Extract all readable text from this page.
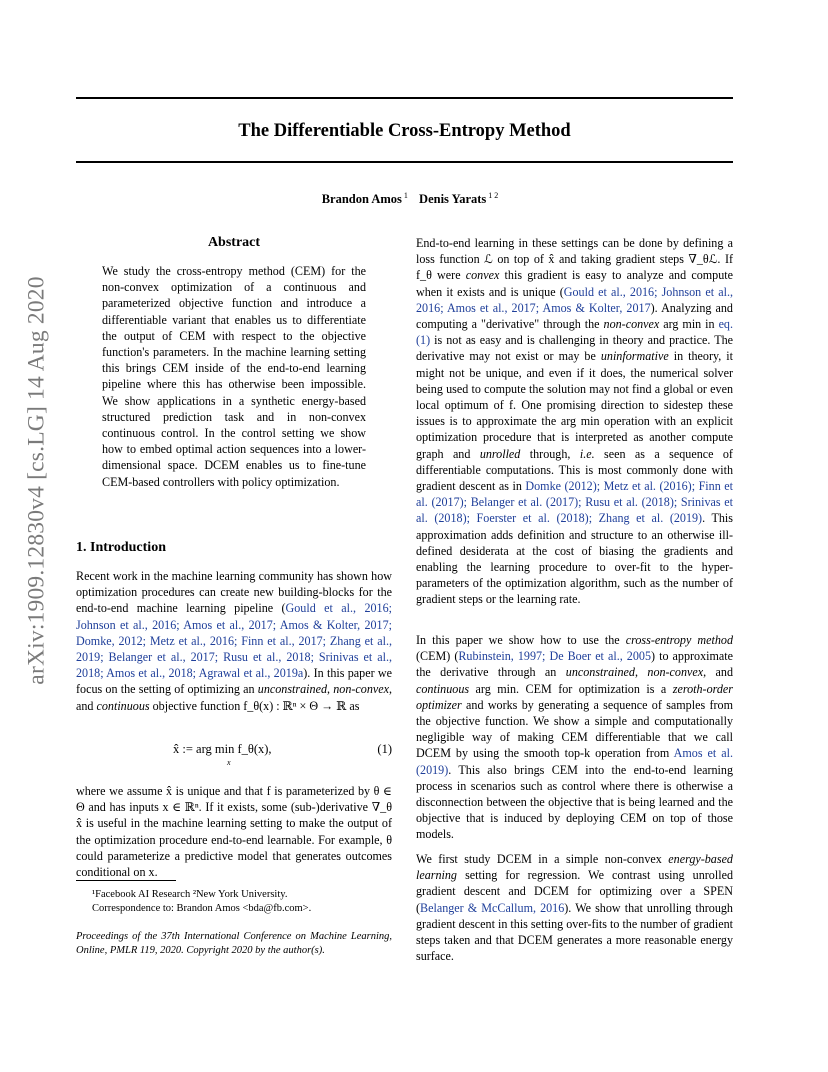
The Differentiable Cross-Entropy Method
Brandon Amos $^1$ Denis Yarats $^{1 2}$
arXiv:1909.12830v4 [cs.LG] 14 Aug 2020
Abstract
We study the cross-entropy method (CEM) for the non-convex optimization of a continuous and parameterized objective function and introduce a differentiable variant that enables us to differentiate the output of CEM with respect to the objective function's parameters. In the machine learning setting this brings CEM inside of the end-to-end learning pipeline where this has otherwise been impossible. We show applications in a synthetic energy-based structured prediction task and in non-convex continuous control. In the control setting we show how to embed optimal action sequences into a lower-dimensional space. DCEM enables us to fine-tune CEM-based controllers with policy optimization.
1. Introduction
Recent work in the machine learning community has shown how optimization procedures can create new building-blocks for the end-to-end machine learning pipeline (Gould et al., 2016; Johnson et al., 2016; Amos et al., 2017; Amos & Kolter, 2017; Domke, 2012; Metz et al., 2016; Finn et al., 2017; Zhang et al., 2019; Belanger et al., 2017; Rusu et al., 2018; Srinivas et al., 2018; Amos et al., 2018; Agrawal et al., 2019a). In this paper we focus on the setting of optimizing an unconstrained, non-convex, and continuous objective function f_θ(x) : ℝⁿ × Θ → ℝ as
x̂ := arg min f_θ(x),
x
(1)
where we assume x̂ is unique and that f is parameterized by θ ∈ Θ and has inputs x ∈ ℝⁿ. If it exists, some (sub-)derivative ∇_θ x̂ is useful in the machine learning setting to make the output of the optimization procedure end-to-end learnable. For example, θ could parameterize a predictive model that generates outcomes conditional on x.
¹Facebook AI Research ²New York University.
Correspondence to: Brandon Amos <bda@fb.com>.
Proceedings of the 37th International Conference on Machine Learning, Online, PMLR 119, 2020. Copyright 2020 by the author(s).
End-to-end learning in these settings can be done by defining a loss function ℒ on top of x̂ and taking gradient steps ∇_θℒ. If f_θ were convex this gradient is easy to analyze and compute when it exists and is unique (Gould et al., 2016; Johnson et al., 2016; Amos et al., 2017; Amos & Kolter, 2017). Analyzing and computing a "derivative" through the non-convex arg min in eq. (1) is not as easy and is challenging in theory and practice. The derivative may not exist or may be uninformative in theory, it might not be unique, and even if it does, the numerical solver being used to compute the solution may not find a global or even local optimum of f. One promising direction to sidestep these issues is to approximate the arg min operation with an explicit optimization procedure that is interpreted as another compute graph and unrolled through, i.e. seen as a sequence of differentiable computations. This is most commonly done with gradient descent as in Domke (2012); Metz et al. (2016); Finn et al. (2017); Belanger et al. (2017); Rusu et al. (2018); Srinivas et al. (2018); Foerster et al. (2018); Zhang et al. (2019). This approximation adds definition and structure to an otherwise ill-defined desiderata at the cost of biasing the gradients and enabling the learning procedure to over-fit to the hyper-parameters of the optimization algorithm, such as the number of gradient steps or the learning rate.
In this paper we show how to use the cross-entropy method (CEM) (Rubinstein, 1997; De Boer et al., 2005) to approximate the derivative through an unconstrained, non-convex, and continuous arg min. CEM for optimization is a zeroth-order optimizer and works by generating a sequence of samples from the objective function. We show a simple and computationally negligible way of making CEM differentiable that we call DCEM by using the smooth top-k operation from Amos et al. (2019). This also brings CEM into the end-to-end learning process in scenarios such as control where there is otherwise a disconnection between the objective that is being learned and the objective that is induced by deploying CEM on top of those models.
We first study DCEM in a simple non-convex energy-based learning setting for regression. We contrast using unrolled gradient descent and DCEM for optimizing over a SPEN (Belanger & McCallum, 2016). We show that unrolling through gradient descent in this setting over-fits to the number of gradient steps taken and that DCEM generates a more reasonable energy surface.
